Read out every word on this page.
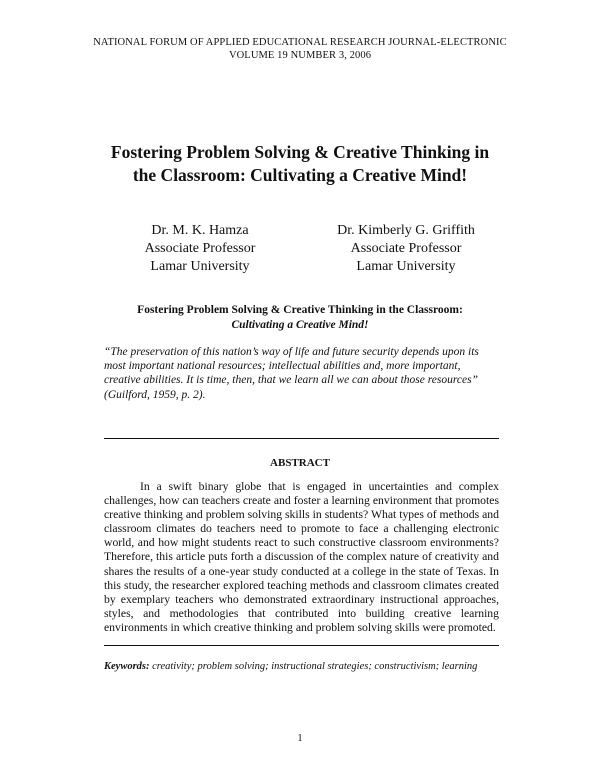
NATIONAL FORUM OF APPLIED EDUCATIONAL RESEARCH JOURNAL-ELECTRONIC
VOLUME 19 NUMBER 3, 2006
Fostering Problem Solving & Creative Thinking in
the Classroom: Cultivating a Creative Mind!
Dr. M. K. Hamza
Associate Professor
Lamar University
Dr. Kimberly G. Griffith
Associate Professor
Lamar University
Fostering Problem Solving & Creative Thinking in the Classroom:
Cultivating a Creative Mind!
“The preservation of this nation’s way of life and future security depends upon its most important national resources; intellectual abilities and, more important, creative abilities. It is time, then, that we learn all we can about those resources” (Guilford, 1959, p. 2).
ABSTRACT

In a swift binary globe that is engaged in uncertainties and complex challenges, how can teachers create and foster a learning environment that promotes creative thinking and problem solving skills in students? What types of methods and classroom climates do teachers need to promote to face a challenging electronic world, and how might students react to such constructive classroom environments? Therefore, this article puts forth a discussion of the complex nature of creativity and shares the results of a one-year study conducted at a college in the state of Texas. In this study, the researcher explored teaching methods and classroom climates created by exemplary teachers who demonstrated extraordinary instructional approaches, styles, and methodologies that contributed into building creative learning environments in which creative thinking and problem solving skills were promoted.

Keywords: creativity; problem solving; instructional strategies; constructivism; learning
1
